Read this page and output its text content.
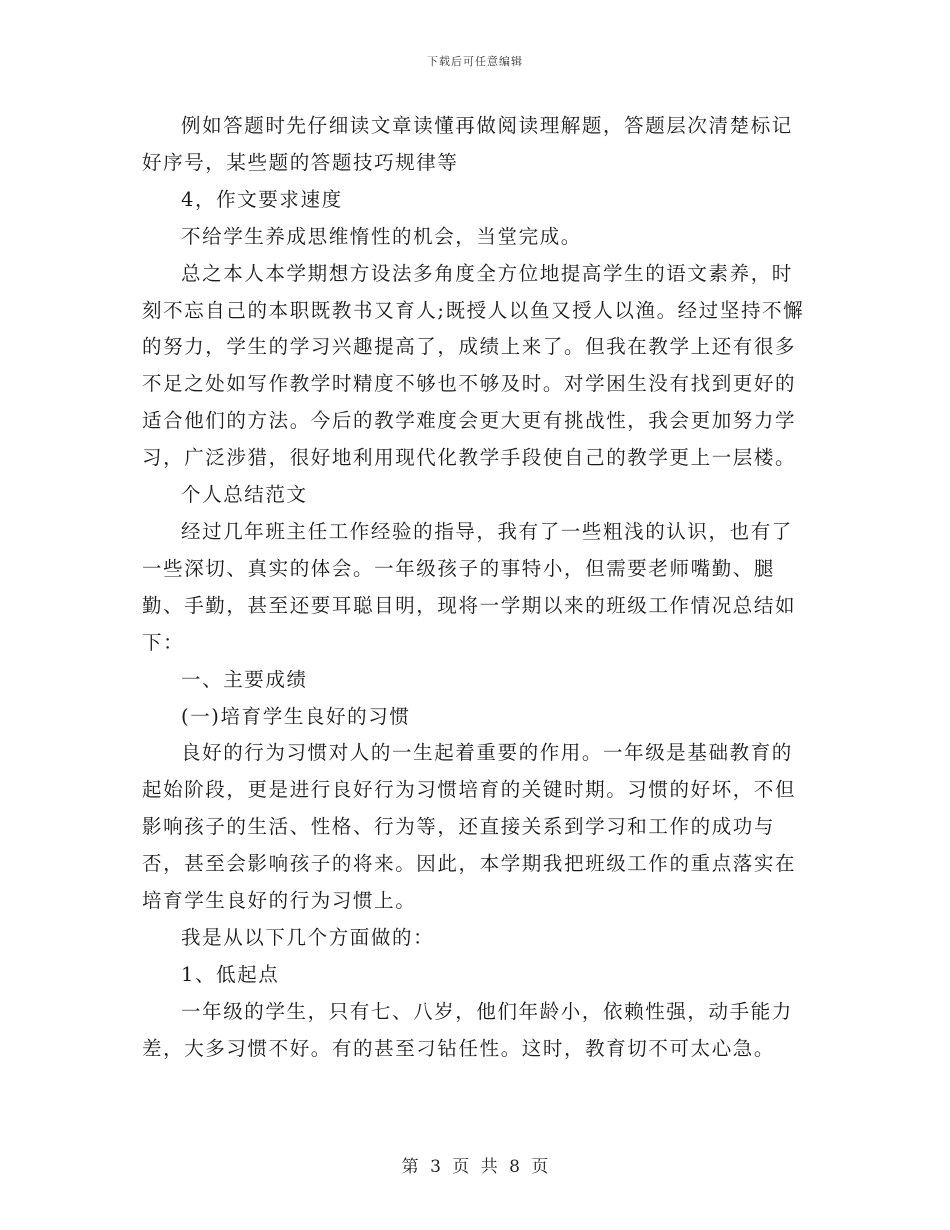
下载后可任意编辑

例如答题时先仔细读文章读懂再做阅读理解题，答题层次清楚标记好序号，某些题的答题技巧规律等

4，作文要求速度

不给学生养成思维惰性的机会，当堂完成。

总之本人本学期想方设法多角度全方位地提高学生的语文素养，时刻不忘自己的本职既教书又育人;既授人以鱼又授人以渔。经过坚持不懈的努力，学生的学习兴趣提高了，成绩上来了。但我在教学上还有很多不足之处如写作教学时精度不够也不够及时。对学困生没有找到更好的适合他们的方法。今后的教学难度会更大更有挑战性，我会更加努力学习，广泛涉猎，很好地利用现代化教学手段使自己的教学更上一层楼。

个人总结范文

经过几年班主任工作经验的指导，我有了一些粗浅的认识，也有了一些深切、真实的体会。一年级孩子的事特小，但需要老师嘴勤、腿勤、手勤，甚至还要耳聪目明，现将一学期以来的班级工作情况总结如下：

一、主要成绩

(一)培育学生良好的习惯

良好的行为习惯对人的一生起着重要的作用。一年级是基础教育的起始阶段，更是进行良好行为习惯培育的关键时期。习惯的好坏，不但影响孩子的生活、性格、行为等，还直接关系到学习和工作的成功与否，甚至会影响孩子的将来。因此，本学期我把班级工作的重点落实在培育学生良好的行为习惯上。

我是从以下几个方面做的：

1、低起点

一年级的学生，只有七、八岁，他们年龄小，依赖性强，动手能力差，大多习惯不好。有的甚至刁钻任性。这时，教育切不可太心急。

第 3 页 共 8 页
